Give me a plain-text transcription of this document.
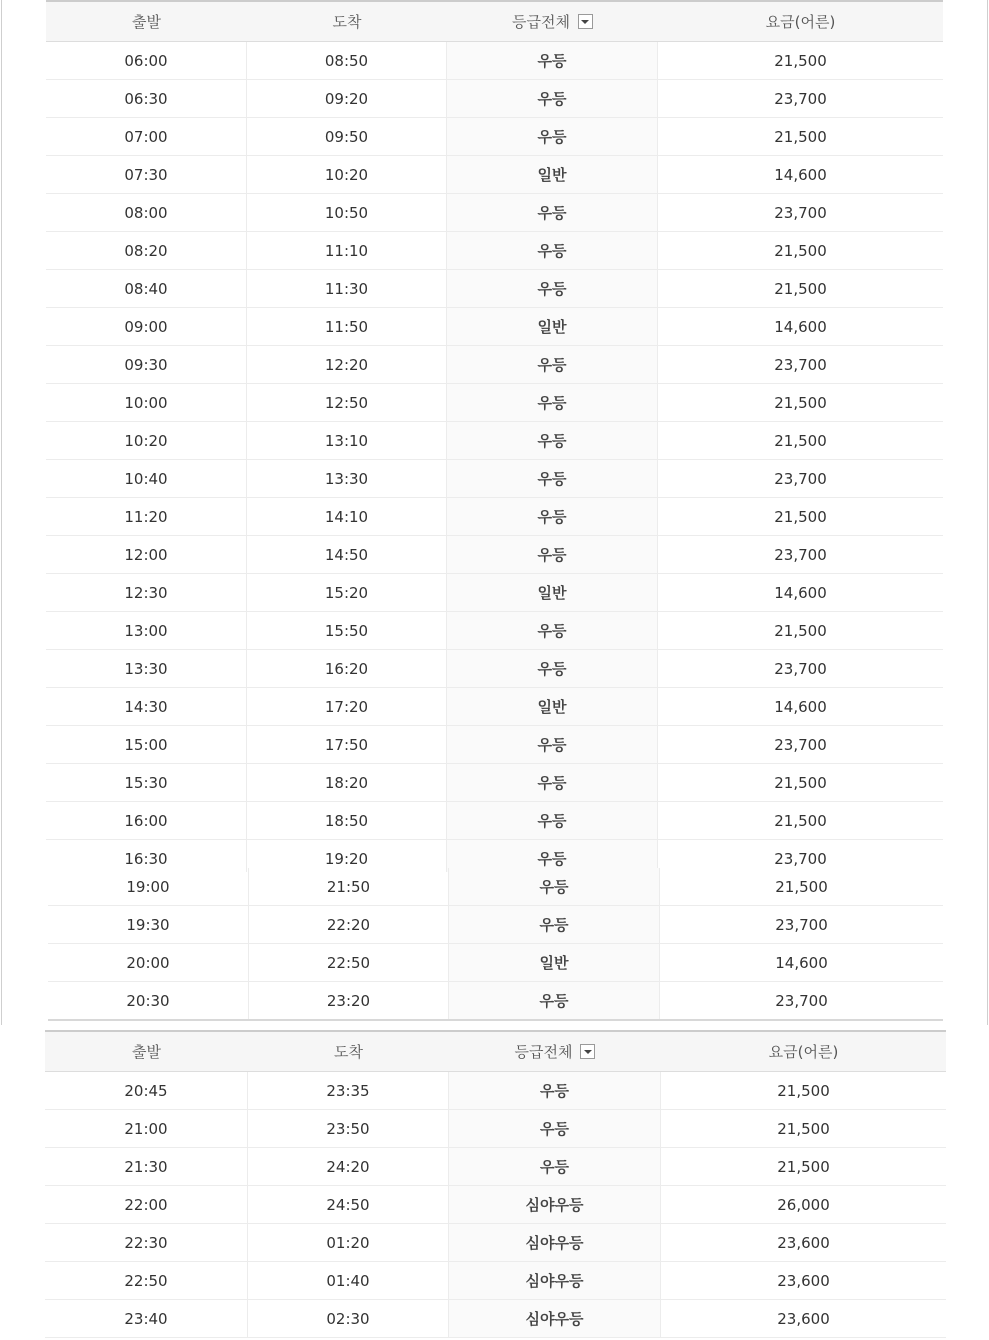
출발	도착	등급전체	요금(어른)
06:00	08:50	우등	21,500
06:30	09:20	우등	23,700
07:00	09:50	우등	21,500
07:30	10:20	일반	14,600
08:00	10:50	우등	23,700
08:20	11:10	우등	21,500
08:40	11:30	우등	21,500
09:00	11:50	일반	14,600
09:30	12:20	우등	23,700
10:00	12:50	우등	21,500
10:20	13:10	우등	21,500
10:40	13:30	우등	23,700
11:20	14:10	우등	21,500
12:00	14:50	우등	23,700
12:30	15:20	일반	14,600
13:00	15:50	우등	21,500
13:30	16:20	우등	23,700
14:30	17:20	일반	14,600
15:00	17:50	우등	23,700
15:30	18:20	우등	21,500
16:00	18:50	우등	21,500
16:30	19:20	우등	23,700
19:00	21:50	우등	21,500
19:30	22:20	우등	23,700
20:00	22:50	일반	14,600
20:30	23:20	우등	23,700
출발	도착	등급전체	요금(어른)
20:45	23:35	우등	21,500
21:00	23:50	우등	21,500
21:30	24:20	우등	21,500
22:00	24:50	심야우등	26,000
22:30	01:20	심야우등	23,600
22:50	01:40	심야우등	23,600
23:40	02:30	심야우등	23,600
